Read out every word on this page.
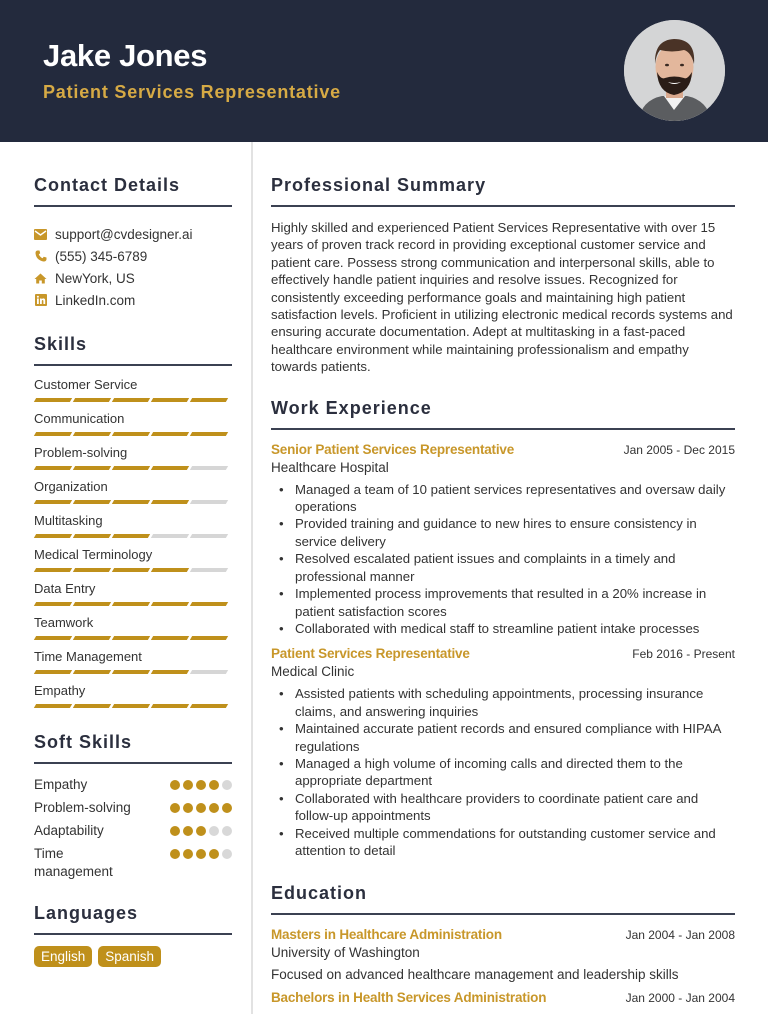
Jake Jones
Patient Services Representative
Contact Details
support@cvdesigner.ai
(555) 345-6789
NewYork, US
LinkedIn.com
Skills
Customer Service
Communication
Problem-solving
Organization
Multitasking
Medical Terminology
Data Entry
Teamwork
Time Management
Empathy
Soft Skills
Empathy
Problem-solving
Adaptability
Time management
Languages
English	Spanish
Professional Summary

Highly skilled and experienced Patient Services Representative with over 15 years of proven track record in providing exceptional customer service and patient care. Possess strong communication and interpersonal skills, able to effectively handle patient inquiries and resolve issues. Recognized for consistently exceeding performance goals and maintaining high patient satisfaction levels. Proficient in utilizing electronic medical records systems and ensuring accurate documentation. Adept at multitasking in a fast-paced healthcare environment while maintaining professionalism and empathy towards patients.

Work Experience
Senior Patient Services Representative	Jan 2005 - Dec 2015
Healthcare Hospital
• Managed a team of 10 patient services representatives and oversaw daily operations
• Provided training and guidance to new hires to ensure consistency in service delivery
• Resolved escalated patient issues and complaints in a timely and professional manner
• Implemented process improvements that resulted in a 20% increase in patient satisfaction scores
• Collaborated with medical staff to streamline patient intake processes
Patient Services Representative	Feb 2016 - Present
Medical Clinic
• Assisted patients with scheduling appointments, processing insurance claims, and answering inquiries
• Maintained accurate patient records and ensured compliance with HIPAA regulations
• Managed a high volume of incoming calls and directed them to the appropriate department
• Collaborated with healthcare providers to coordinate patient care and follow-up appointments
• Received multiple commendations for outstanding customer service and attention to detail
Education
Masters in Healthcare Administration	Jan 2004 - Jan 2008
University of Washington
Focused on advanced healthcare management and leadership skills
Bachelors in Health Services Administration	Jan 2000 - Jan 2004
